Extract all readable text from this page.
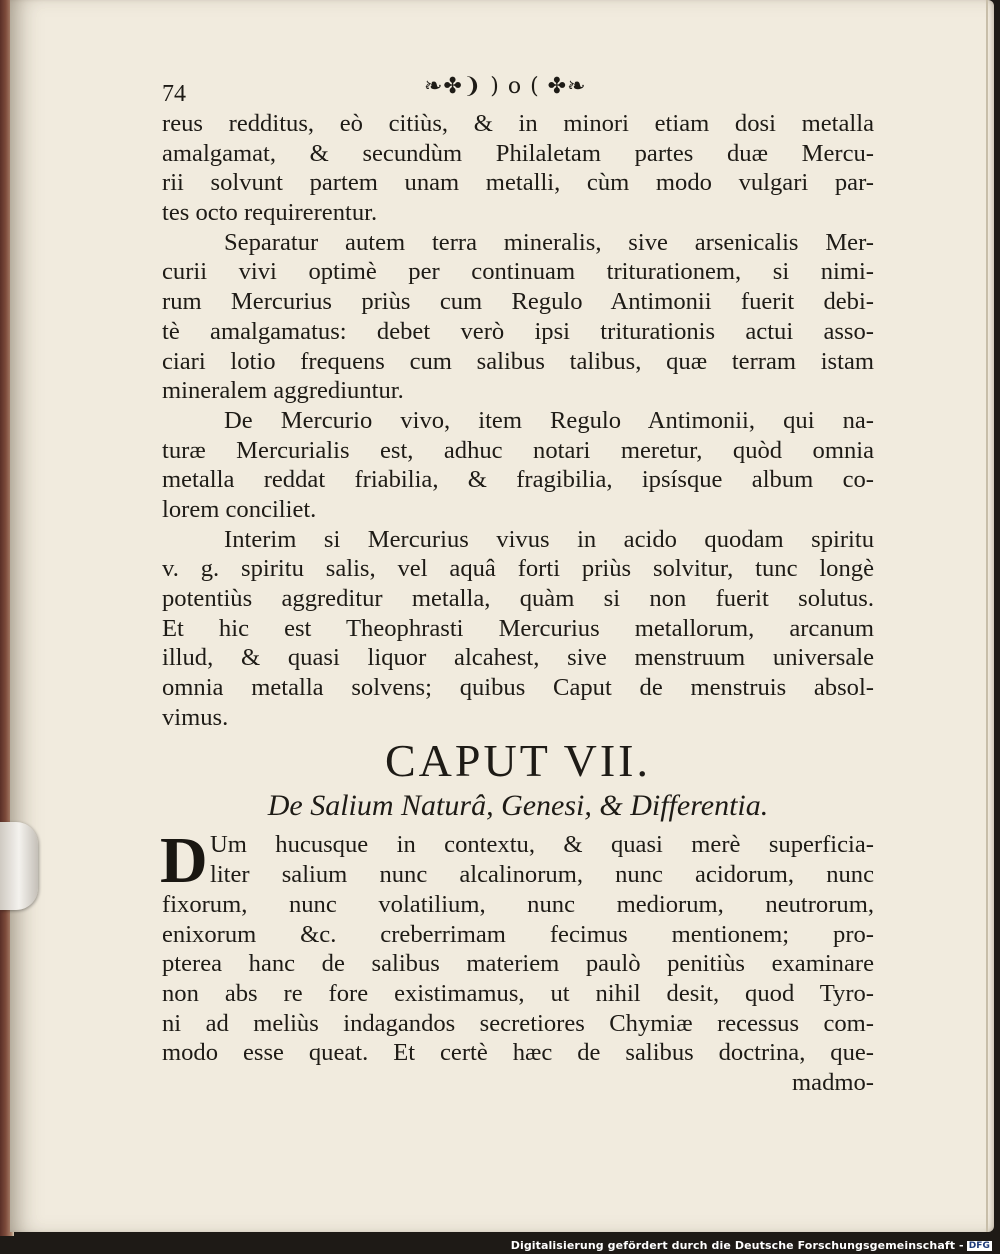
74	❧✤❩ ) o ( ✤❧
reus redditus, eò citiùs, & in minori etiam dosi metalla
amalgamat, & secundùm Philaletam partes duæ Mercu-
rii solvunt partem unam metalli, cùm modo vulgari par-
tes octo requirerentur.
Separatur autem terra mineralis, sive arsenicalis Mer-
curii vivi optimè per continuam triturationem, si nimi-
rum Mercurius priùs cum Regulo Antimonii fuerit debi-
tè amalgamatus: debet verò ipsi triturationis actui asso-
ciari lotio frequens cum salibus talibus, quæ terram istam
mineralem aggrediuntur.
De Mercurio vivo, item Regulo Antimonii, qui na-
turæ Mercurialis est, adhuc notari meretur, quòd omnia
metalla reddat friabilia, & fragibilia, ipsísque album co-
lorem conciliet.
Interim si Mercurius vivus in acido quodam spiritu
v. g. spiritu salis, vel aquâ forti priùs solvitur, tunc longè
potentiùs aggreditur metalla, quàm si non fuerit solutus.
Et hic est Theophrasti Mercurius metallorum, arcanum
illud, & quasi liquor alcahest, sive menstruum universale
omnia metalla solvens; quibus Caput de menstruis absol-
vimus.
CAPUT VII.
De Salium Naturâ, Genesi, & Differentia.
D Um hucusque in contextu, & quasi merè superficia-
liter salium nunc alcalinorum, nunc acidorum, nunc
fixorum, nunc volatilium, nunc mediorum, neutrorum,
enixorum &c. creberrimam fecimus mentionem; pro-
pterea hanc de salibus materiem paulò penitiùs examinare
non abs re fore existimamus, ut nihil desit, quod Tyro-
ni ad meliùs indagandos secretiores Chymiæ recessus com-
modo esse queat. Et certè hæc de salibus doctrina, que-
madmo-
Digitalisierung gefördert durch die Deutsche Forschungsgemeinschaft - DFG
